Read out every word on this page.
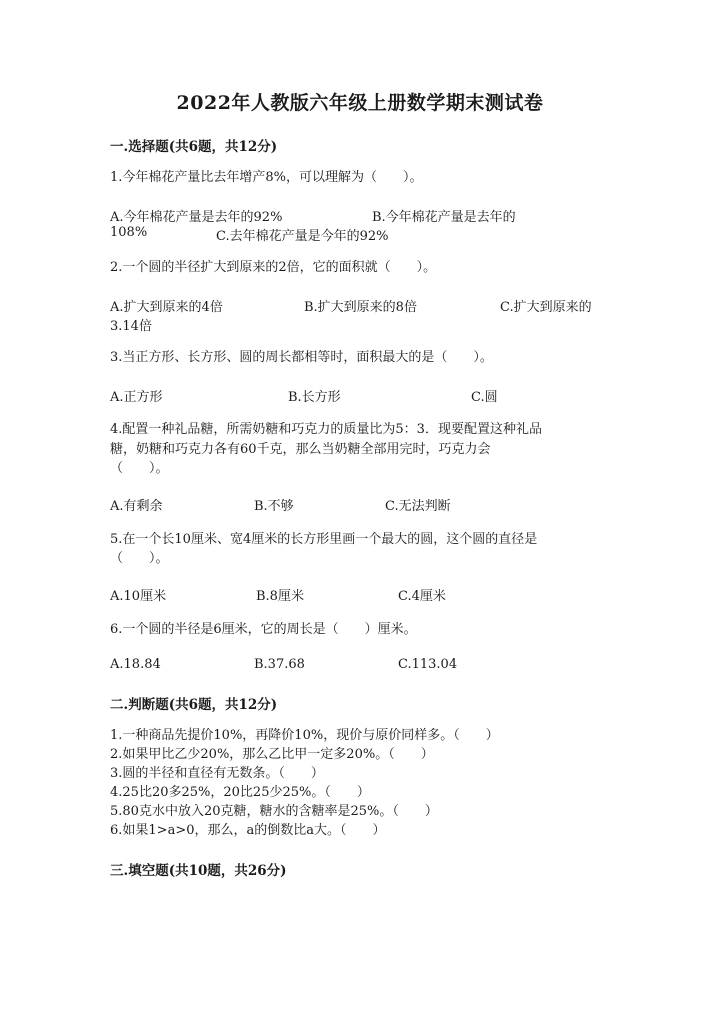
2022年人教版六年级上册数学期末测试卷
一.选择题(共6题，共12分)
1.今年棉花产量比去年增产8%，可以理解为（　　）。
A.今年棉花产量是去年的92%	B.今年棉花产量是去年的
108%	C.去年棉花产量是今年的92%
2.一个圆的半径扩大到原来的2倍，它的面积就（　　）。
A.扩大到原来的4倍	B.扩大到原来的8倍	C.扩大到原来的
3.14倍
3.当正方形、长方形、圆的周长都相等时，面积最大的是（　　）。
A.正方形	B.长方形	C.圆
4.配置一种礼品糖，所需奶糖和巧克力的质量比为5：3．现要配置这种礼品
糖，奶糖和巧克力各有60千克，那么当奶糖全部用完时，巧克力会
（　　）。
A.有剩余	B.不够	C.无法判断
5.在一个长10厘米、宽4厘米的长方形里画一个最大的圆，这个圆的直径是
（　　）。
A.10厘米	B.8厘米	C.4厘米
6.一个圆的半径是6厘米，它的周长是（　　）厘米。
A.18.84	B.37.68	C.113.04
二.判断题(共6题，共12分)
1.一种商品先提价10%，再降价10%，现价与原价同样多。（　　）
2.如果甲比乙少20%，那么乙比甲一定多20%。（　　）
3.圆的半径和直径有无数条。（　　）
4.25比20多25%，20比25少25%。（　　）
5.80克水中放入20克糖，糖水的含糖率是25%。（　　）
6.如果1>a>0，那么，a的倒数比a大。（　　）
三.填空题(共10题，共26分)
